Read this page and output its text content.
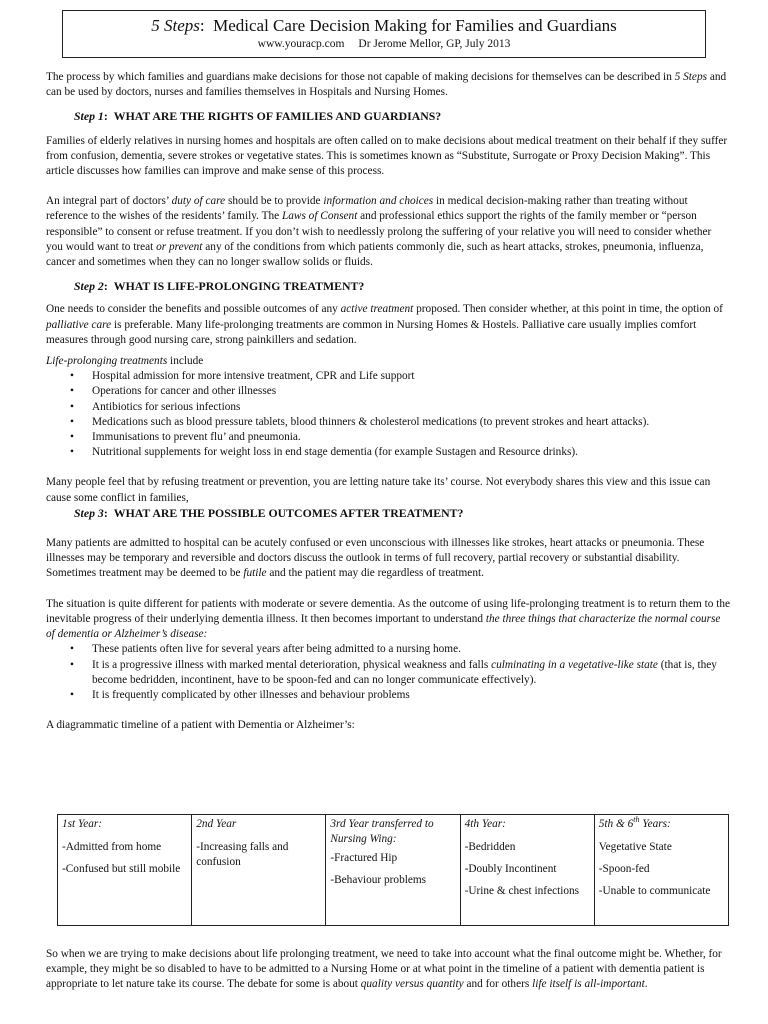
5 Steps: Medical Care Decision Making for Families and Guardians
www.youracp.com Dr Jerome Mellor, GP, July 2013

The process by which families and guardians make decisions for those not capable of making decisions for themselves can be described in 5 Steps and can be used by doctors, nurses and families themselves in Hospitals and Nursing Homes.

Step 1: WHAT ARE THE RIGHTS OF FAMILIES AND GUARDIANS?

Families of elderly relatives in nursing homes and hospitals are often called on to make decisions about medical treatment on their behalf if they suffer from confusion, dementia, severe strokes or vegetative states. This is sometimes known as “Substitute, Surrogate or Proxy Decision Making”. This article discusses how families can improve and make sense of this process.

An integral part of doctors’ duty of care should be to provide information and choices in medical decision-making rather than treating without reference to the wishes of the residents’ family. The Laws of Consent and professional ethics support the rights of the family member or “person responsible” to consent or refuse treatment. If you don’t wish to needlessly prolong the suffering of your relative you will need to consider whether you would want to treat or prevent any of the conditions from which patients commonly die, such as heart attacks, strokes, pneumonia, influenza, cancer and sometimes when they can no longer swallow solids or fluids.

Step 2: WHAT IS LIFE-PROLONGING TREATMENT?

One needs to consider the benefits and possible outcomes of any active treatment proposed. Then consider whether, at this point in time, the option of palliative care is preferable. Many life-prolonging treatments are common in Nursing Homes & Hostels. Palliative care usually implies comfort measures through good nursing care, strong painkillers and sedation.

Life-prolonging treatments include

• Hospital admission for more intensive treatment, CPR and Life support
• Operations for cancer and other illnesses
• Antibiotics for serious infections
• Medications such as blood pressure tablets, blood thinners & cholesterol medications (to prevent strokes and heart attacks).
• Immunisations to prevent flu’ and pneumonia.
• Nutritional supplements for weight loss in end stage dementia (for example Sustagen and Resource drinks).

Many people feel that by refusing treatment or prevention, you are letting nature take its’ course. Not everybody shares this view and this issue can cause some conflict in families,

Step 3: WHAT ARE THE POSSIBLE OUTCOMES AFTER TREATMENT?

Many patients are admitted to hospital can be acutely confused or even unconscious with illnesses like strokes, heart attacks or pneumonia. These illnesses may be temporary and reversible and doctors discuss the outlook in terms of full recovery, partial recovery or substantial disability. Sometimes treatment may be deemed to be futile and the patient may die regardless of treatment.

The situation is quite different for patients with moderate or severe dementia. As the outcome of using life-prolonging treatment is to return them to the inevitable progress of their underlying dementia illness. It then becomes important to understand the three things that characterize the normal course of dementia or Alzheimer’s disease:

• These patients often live for several years after being admitted to a nursing home.
• It is a progressive illness with marked mental deterioration, physical weakness and falls culminating in a vegetative-like state (that is, they become bedridden, incontinent, have to be spoon-fed and can no longer communicate effectively).
• It is frequently complicated by other illnesses and behaviour problems

A diagrammatic timeline of a patient with Dementia or Alzheimer’s:

1st Year:
-Admitted from home
-Confused but still mobile

2nd Year
-Increasing falls and confusion

3rd Year transferred to Nursing Wing:
-Fractured Hip
-Behaviour problems

4th Year:
-Bedridden
-Doubly Incontinent
-Urine & chest infections

5th & 6th Years:
Vegetative State
-Spoon-fed
-Unable to communicate

So when we are trying to make decisions about life prolonging treatment, we need to take into account what the final outcome might be. Whether, for example, they might be so disabled to have to be admitted to a Nursing Home or at what point in the timeline of a patient with dementia patient is appropriate to let nature take its course. The debate for some is about quality versus quantity and for others life itself is all-important.
